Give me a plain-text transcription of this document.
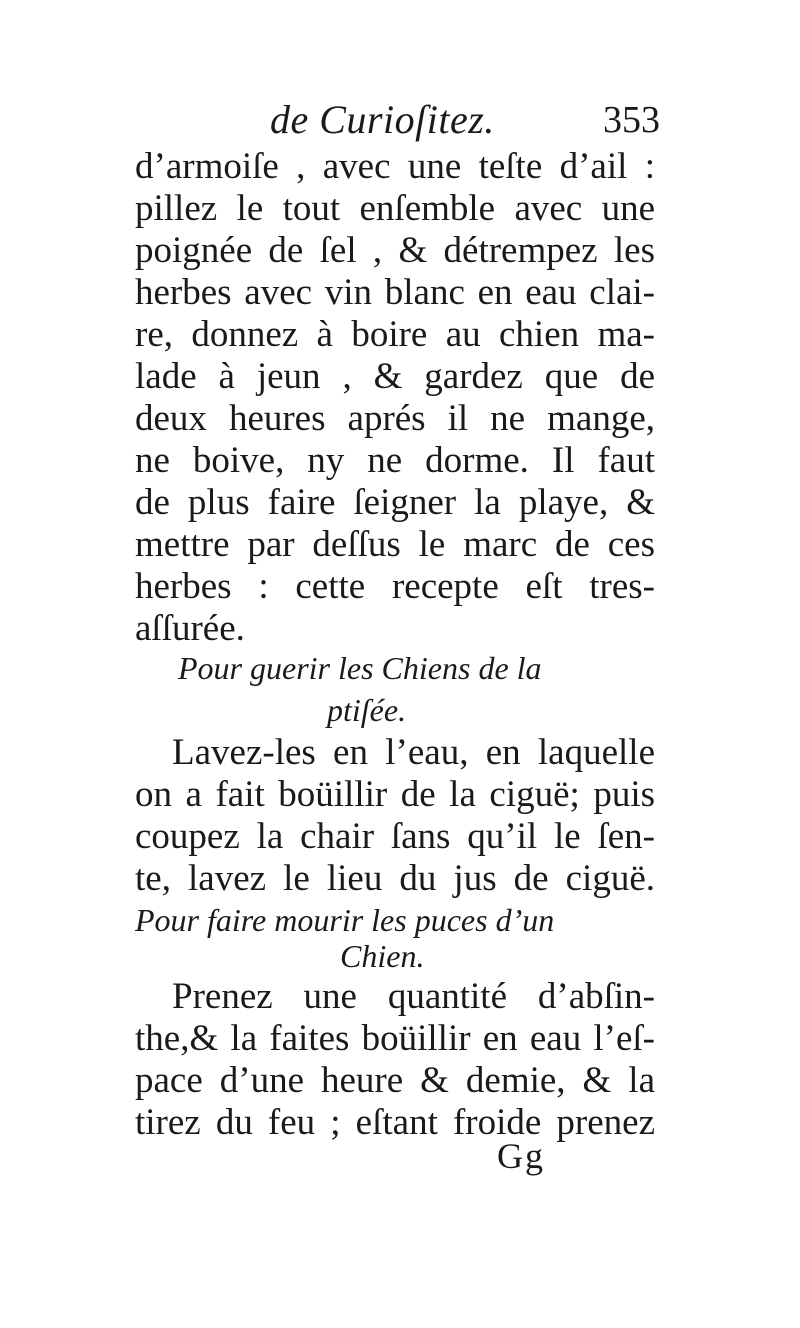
de Curioſitez.	353
d’armoiſe , avec une teſte d’ail :
pillez le tout enſemble avec une
poignée de ſel , & détrempez les
herbes avec vin blanc en eau clai-
re, donnez à boire au chien ma-
lade à jeun , & gardez que de
deux heures aprés il ne mange,
ne boive, ny ne dorme. Il faut
de plus faire ſeigner la playe, &
mettre par deſſus le marc de ces
herbes : cette recepte eſt tres-
aſſurée.
Pour guerir les Chiens de la
ptiſée.
Lavez-les en l’eau, en laquelle
on a fait boüillir de la ciguë; puis
coupez la chair ſans qu’il le ſen-
te, lavez le lieu du jus de ciguë.
Pour faire mourir les puces d’un
Chien.
Prenez une quantité d’abſin-
the,& la faites boüillir en eau l’eſ-
pace d’une heure & demie, & la
tirez du feu ; eſtant froide prenez
Gg
